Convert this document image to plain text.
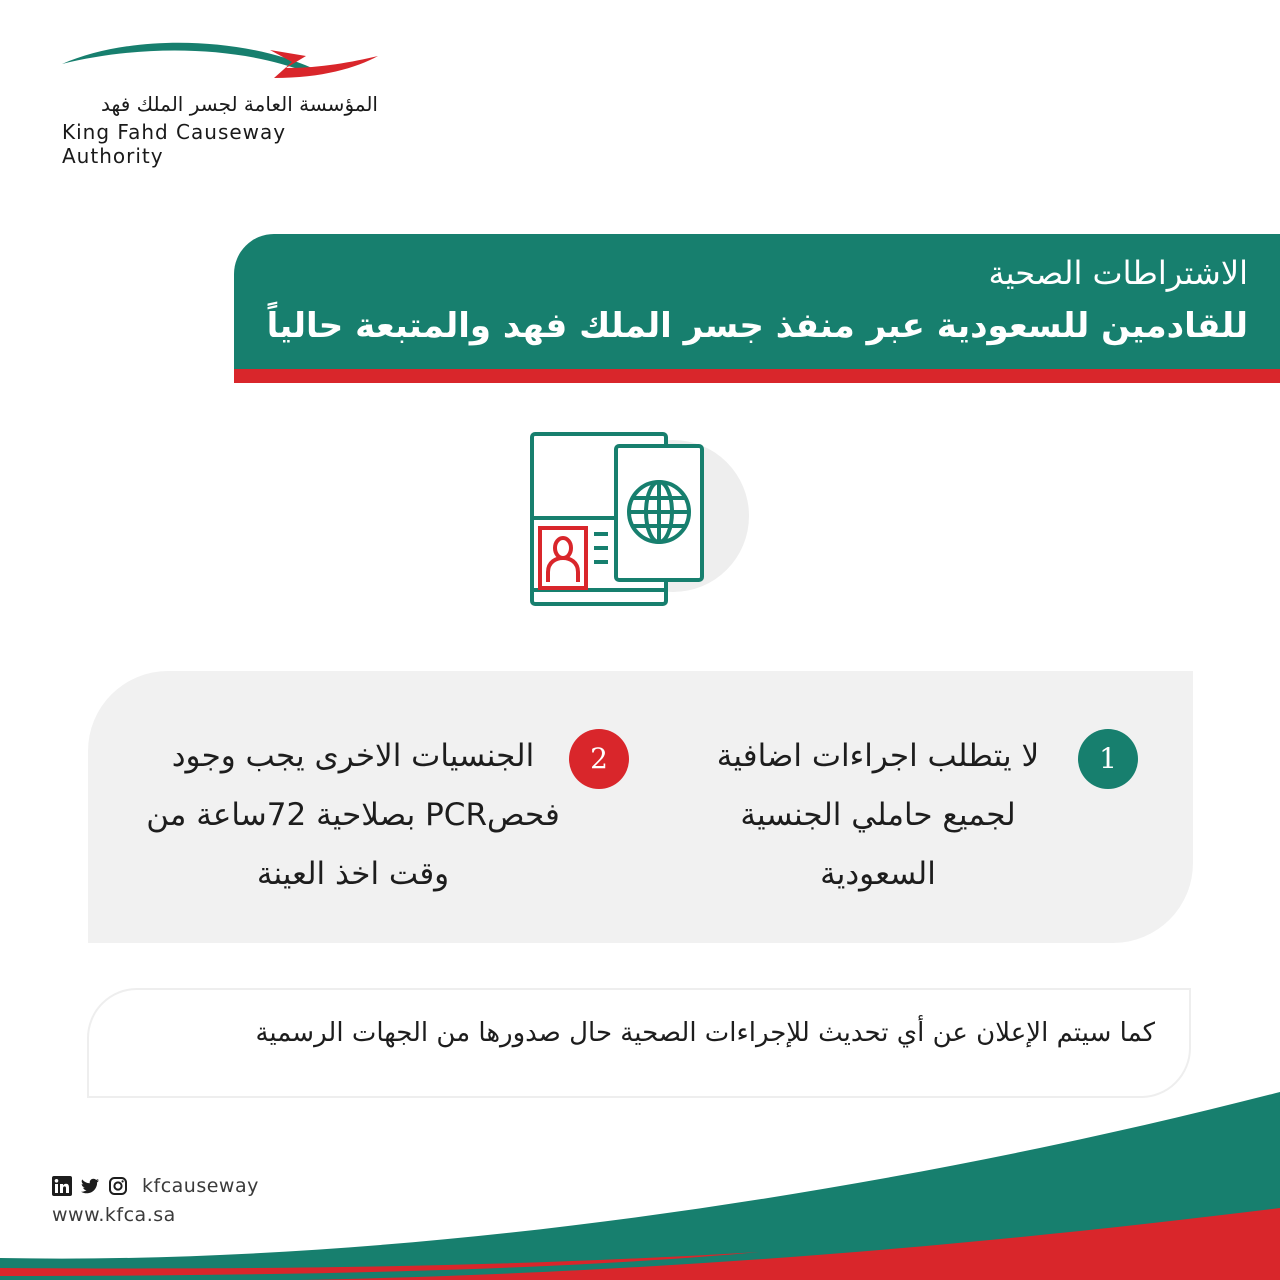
المؤسسة العامة لجسر الملك فهد
King Fahd Causeway Authority
الاشتراطات الصحية
للقادمين للسعودية عبر منفذ جسر الملك فهد والمتبعة حالياً
1
لا يتطلب اجراءات اضافية لجميع حاملي الجنسية السعودية
2
الجنسيات الاخرى يجب وجود فحصPCR بصلاحية 72ساعة من وقت اخذ العينة
كما سيتم الإعلان عن أي تحديث للإجراءات الصحية حال صدورها من الجهات الرسمية
kfcauseway
www.kfca.sa
